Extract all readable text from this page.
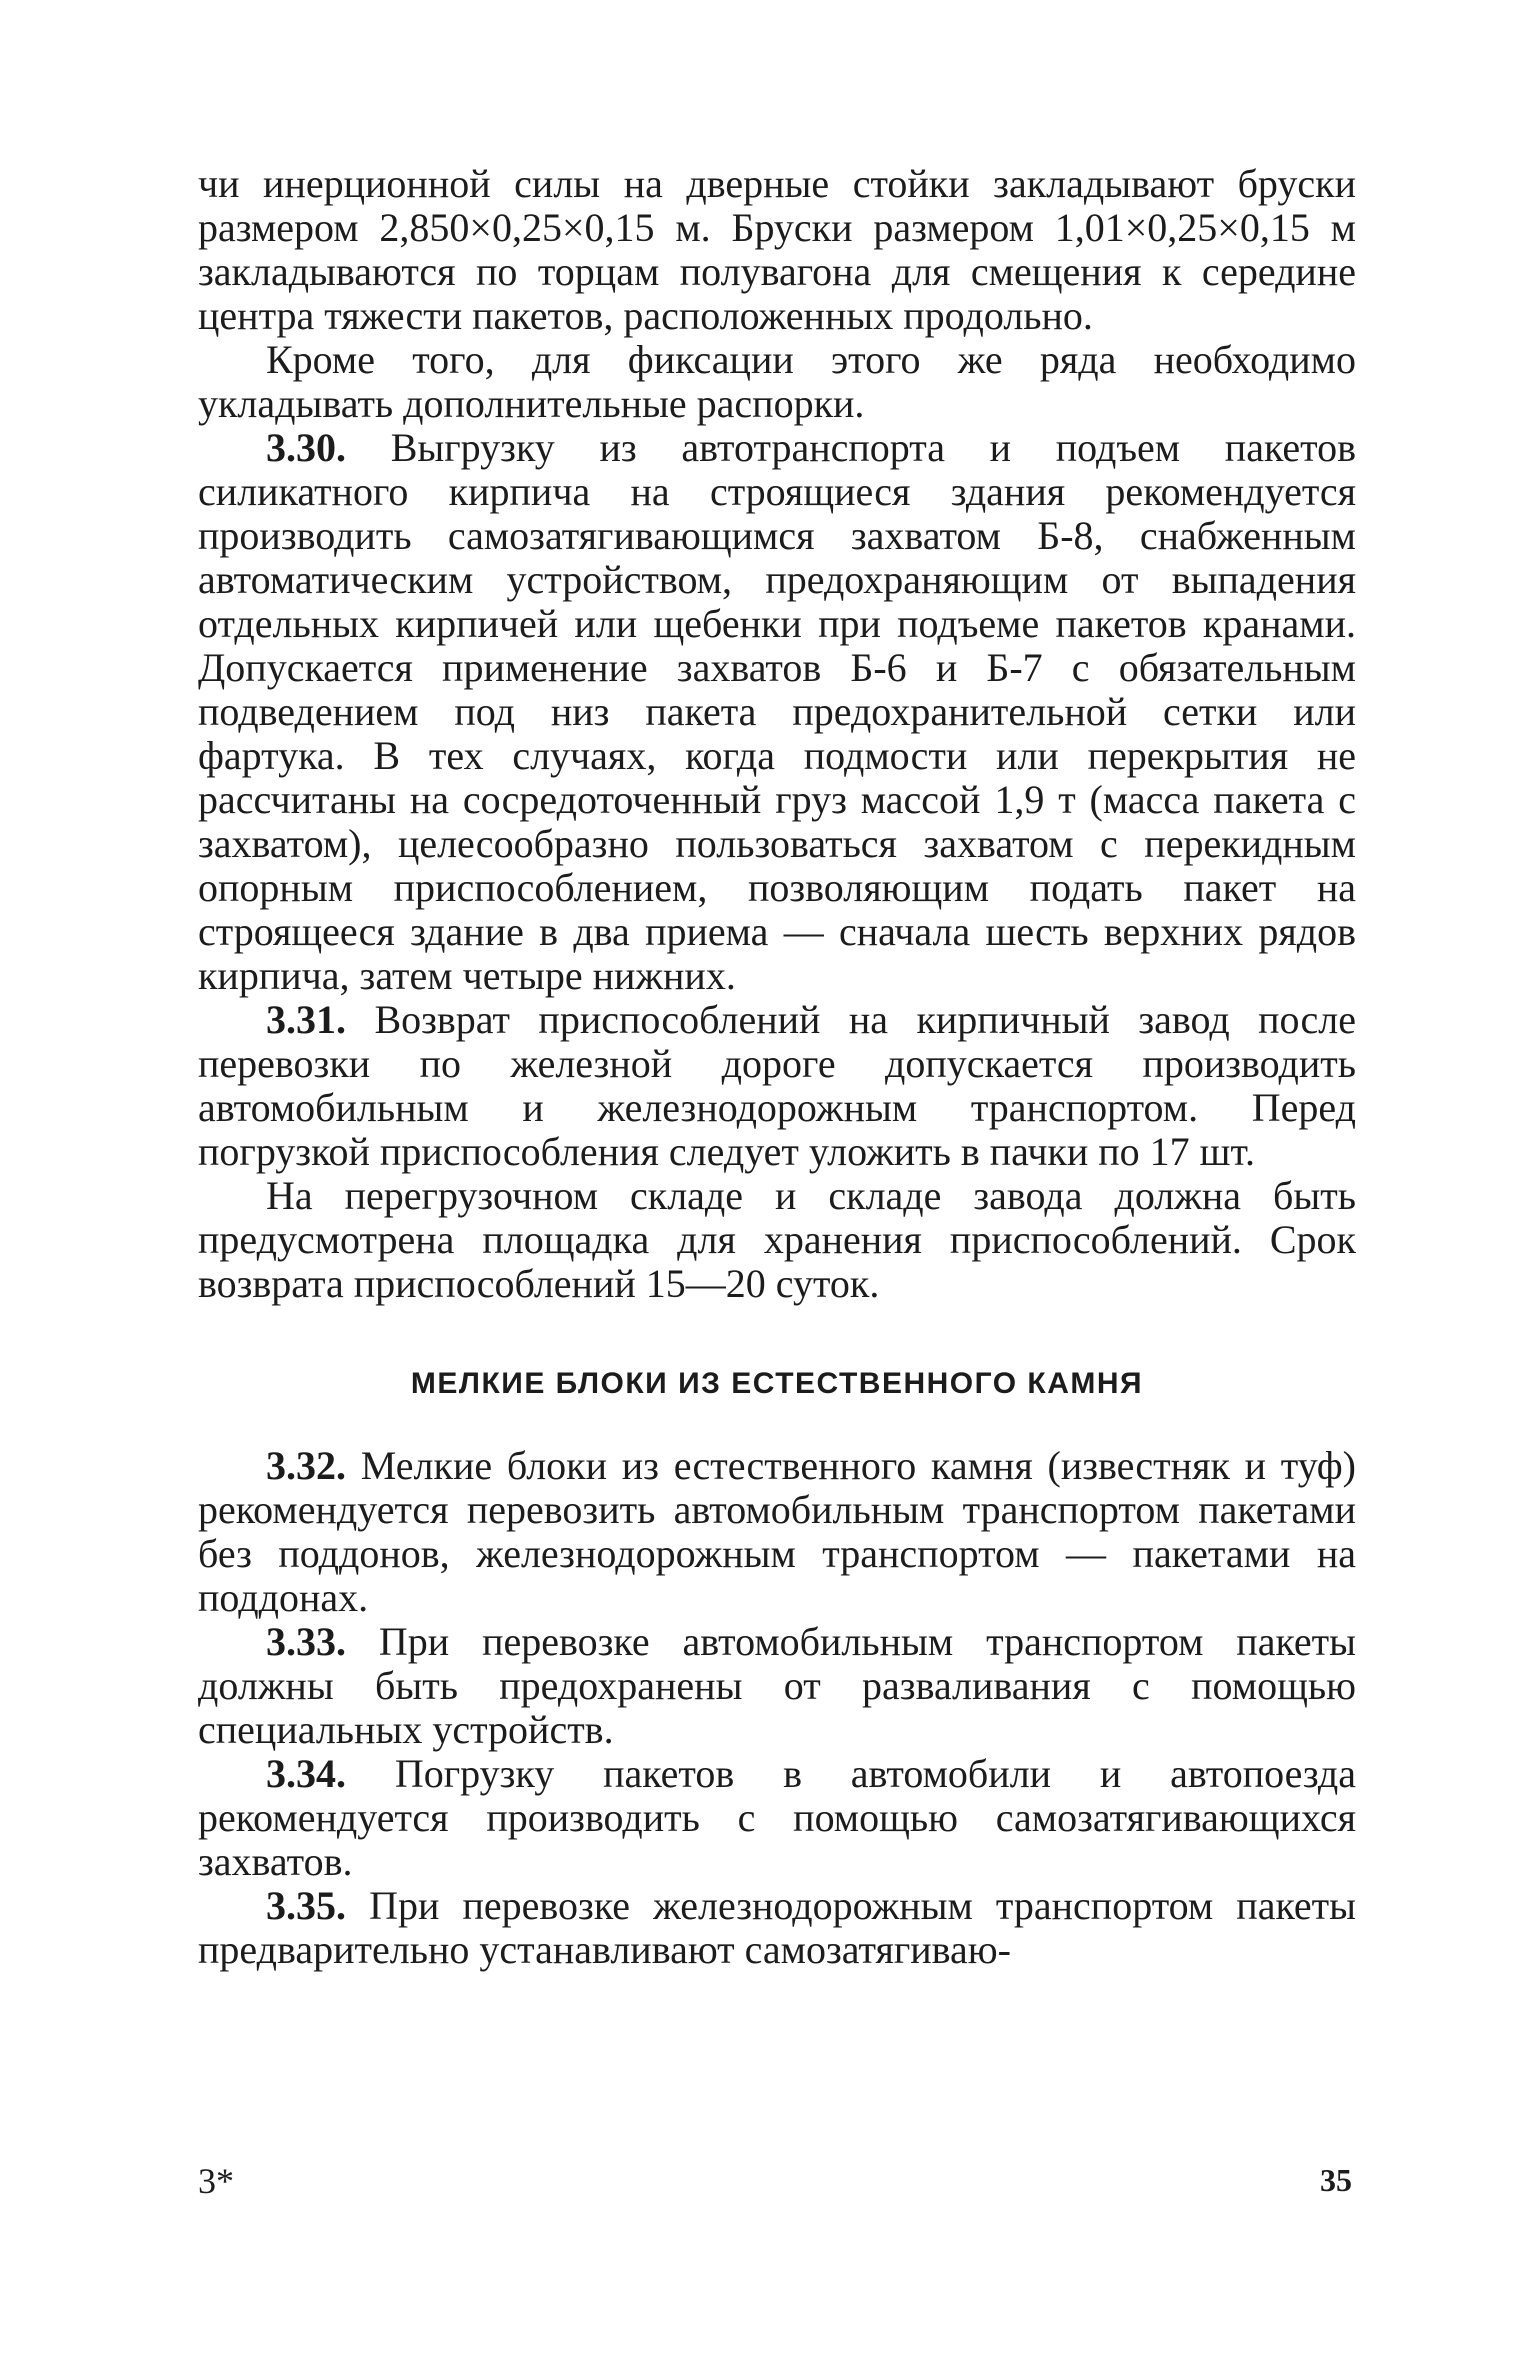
чи инерционной силы на дверные стойки закладывают бруски размером 2,850×0,25×0,15 м. Бруски размером 1,01×0,25×0,15 м закладываются по торцам полувагона для смещения к середине центра тяжести пакетов, расположенных продольно.

Кроме того, для фиксации этого же ряда необходимо укладывать дополнительные распорки.

3.30. Выгрузку из автотранспорта и подъем пакетов силикатного кирпича на строящиеся здания рекомендуется производить самозатягивающимся захватом Б-8, снабженным автоматическим устройством, предохраняющим от выпадения отдельных кирпичей или щебенки при подъеме пакетов кранами. Допускается применение захватов Б-6 и Б-7 с обязательным подведением под низ пакета предохранительной сетки или фартука. В тех случаях, когда подмости или перекрытия не рассчитаны на сосредоточенный груз массой 1,9 т (масса пакета с захватом), целесообразно пользоваться захватом с перекидным опорным приспособлением, позволяющим подать пакет на строящееся здание в два приема — сначала шесть верхних рядов кирпича, затем четыре нижних.

3.31. Возврат приспособлений на кирпичный завод после перевозки по железной дороге допускается производить автомобильным и железнодорожным транспортом. Перед погрузкой приспособления следует уложить в пачки по 17 шт.

На перегрузочном складе и складе завода должна быть предусмотрена площадка для хранения приспособлений. Срок возврата приспособлений 15—20 суток.

МЕЛКИЕ БЛОКИ ИЗ ЕСТЕСТВЕННОГО КАМНЯ

3.32. Мелкие блоки из естественного камня (известняк и туф) рекомендуется перевозить автомобильным транспортом пакетами без поддонов, железнодорожным транспортом — пакетами на поддонах.

3.33. При перевозке автомобильным транспортом пакеты должны быть предохранены от разваливания с помощью специальных устройств.

3.34. Погрузку пакетов в автомобили и автопоезда рекомендуется производить с помощью самозатягивающихся захватов.

3.35. При перевозке железнодорожным транспортом пакеты предварительно устанавливают самозатягиваю-

3*	35
